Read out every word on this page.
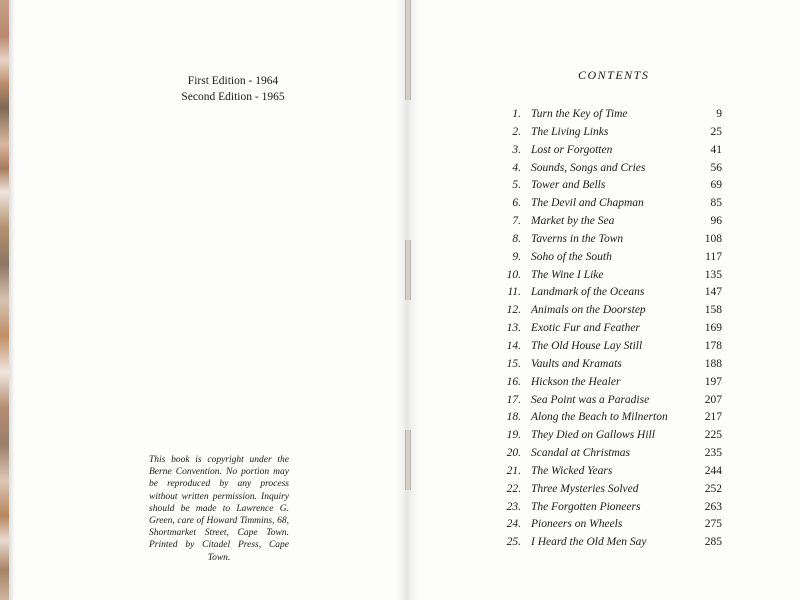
First Edition - 1964
Second Edition - 1965
This book is copyright under the Berne Convention. No portion may be reproduced by any process without written permission. Inquiry should be made to Lawrence G. Green, care of Howard Timmins, 68, Shortmarket Street, Cape Town. Printed by Citadel Press, Cape Town.
CONTENTS
1. Turn the Key of Time	9
2. The Living Links	25
3. Lost or Forgotten	41
4. Sounds, Songs and Cries	56
5. Tower and Bells	69
6. The Devil and Chapman	85
7. Market by the Sea	96
8. Taverns in the Town	108
9. Soho of the South	117
10. The Wine I Like	135
11. Landmark of the Oceans	147
12. Animals on the Doorstep	158
13. Exotic Fur and Feather	169
14. The Old House Lay Still	178
15. Vaults and Kramats	188
16. Hickson the Healer	197
17. Sea Point was a Paradise	207
18. Along the Beach to Milnerton	217
19. They Died on Gallows Hill	225
20. Scandal at Christmas	235
21. The Wicked Years	244
22. Three Mysteries Solved	252
23. The Forgotten Pioneers	263
24. Pioneers on Wheels	275
25. I Heard the Old Men Say	285
